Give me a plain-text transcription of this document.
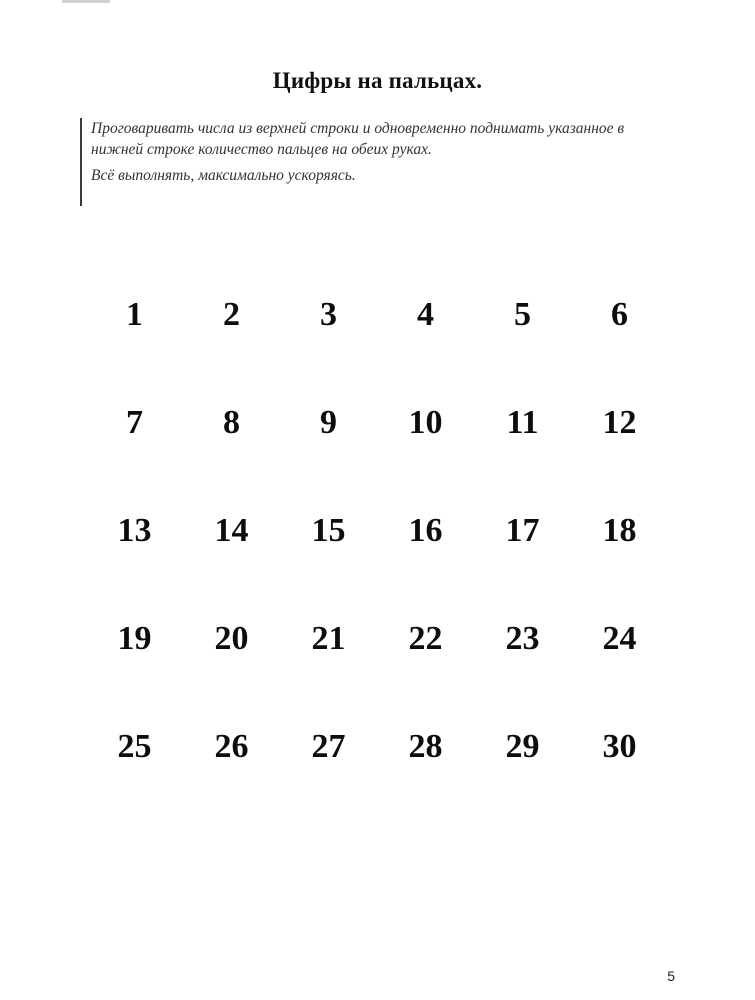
Цифры на пальцах.

Проговаривать числа из верхней строки и одновременно поднимать указанное в нижней строке количество пальцев на обеих руках.

Всё выполнять, максимально ускоряясь.

1	2	3	4	5	6
7	8	9	10	11	12
13	14	15	16	17	18
19	20	21	22	23	24
25	26	27	28	29	30
5
